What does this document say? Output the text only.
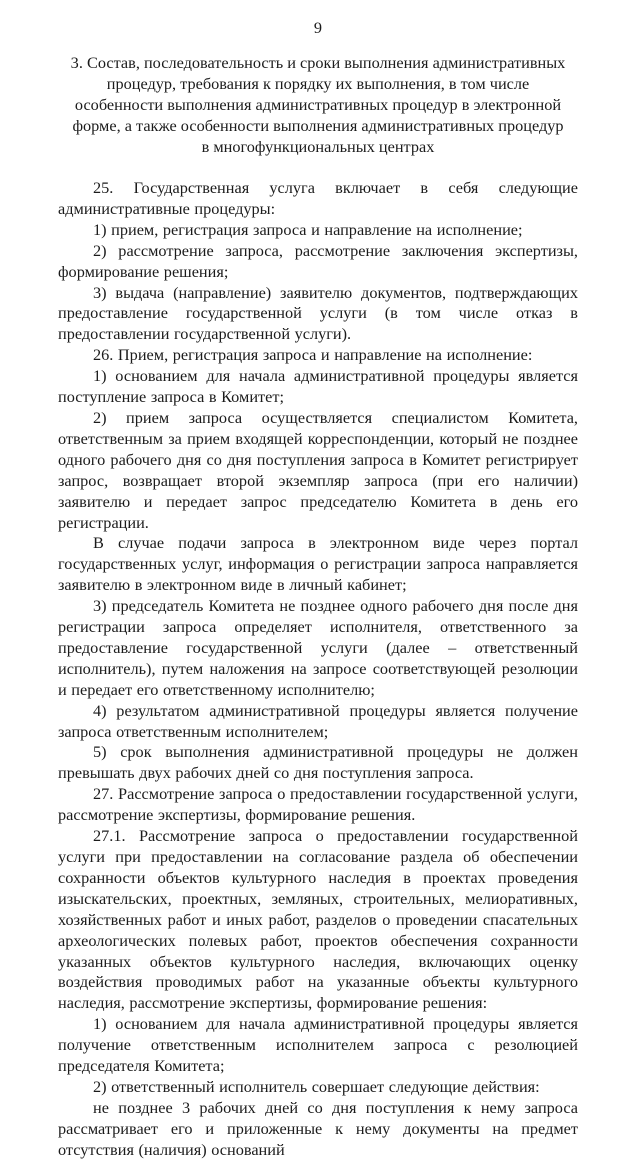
9
3. Состав, последовательность и сроки выполнения административных процедур, требования к порядку их выполнения, в том числе особенности выполнения административных процедур в электронной форме, а также особенности выполнения административных процедур в многофункциональных центрах

25. Государственная услуга включает в себя следующие административные процедуры:

1) прием, регистрация запроса и направление на исполнение;

2) рассмотрение запроса, рассмотрение заключения экспертизы, формирование решения;

3) выдача (направление) заявителю документов, подтверждающих предоставление государственной услуги (в том числе отказ в предоставлении государственной услуги).

26. Прием, регистрация запроса и направление на исполнение:

1) основанием для начала административной процедуры является поступление запроса в Комитет;

2) прием запроса осуществляется специалистом Комитета, ответственным за прием входящей корреспонденции, который не позднее одного рабочего дня со дня поступления запроса в Комитет регистрирует запрос, возвращает второй экземпляр запроса (при его наличии) заявителю и передает запрос председателю Комитета в день его регистрации.

В случае подачи запроса в электронном виде через портал государственных услуг, информация о регистрации запроса направляется заявителю в электронном виде в личный кабинет;

3) председатель Комитета не позднее одного рабочего дня после дня регистрации запроса определяет исполнителя, ответственного за предоставление государственной услуги (далее – ответственный исполнитель), путем наложения на запросе соответствующей резолюции и передает его ответственному исполнителю;

4) результатом административной процедуры является получение запроса ответственным исполнителем;

5) срок выполнения административной процедуры не должен превышать двух рабочих дней со дня поступления запроса.

27. Рассмотрение запроса о предоставлении государственной услуги, рассмотрение экспертизы, формирование решения.

27.1. Рассмотрение запроса о предоставлении государственной услуги при предоставлении на согласование раздела об обеспечении сохранности объектов культурного наследия в проектах проведения изыскательских, проектных, земляных, строительных, мелиоративных, хозяйственных работ и иных работ, разделов о проведении спасательных археологических полевых работ, проектов обеспечения сохранности указанных объектов культурного наследия, включающих оценку воздействия проводимых работ на указанные объекты культурного наследия, рассмотрение экспертизы, формирование решения:

1) основанием для начала административной процедуры является получение ответственным исполнителем запроса с резолюцией председателя Комитета;

2) ответственный исполнитель совершает следующие действия:

не позднее 3 рабочих дней со дня поступления к нему запроса рассматривает его и приложенные к нему документы на предмет отсутствия (наличия) оснований
